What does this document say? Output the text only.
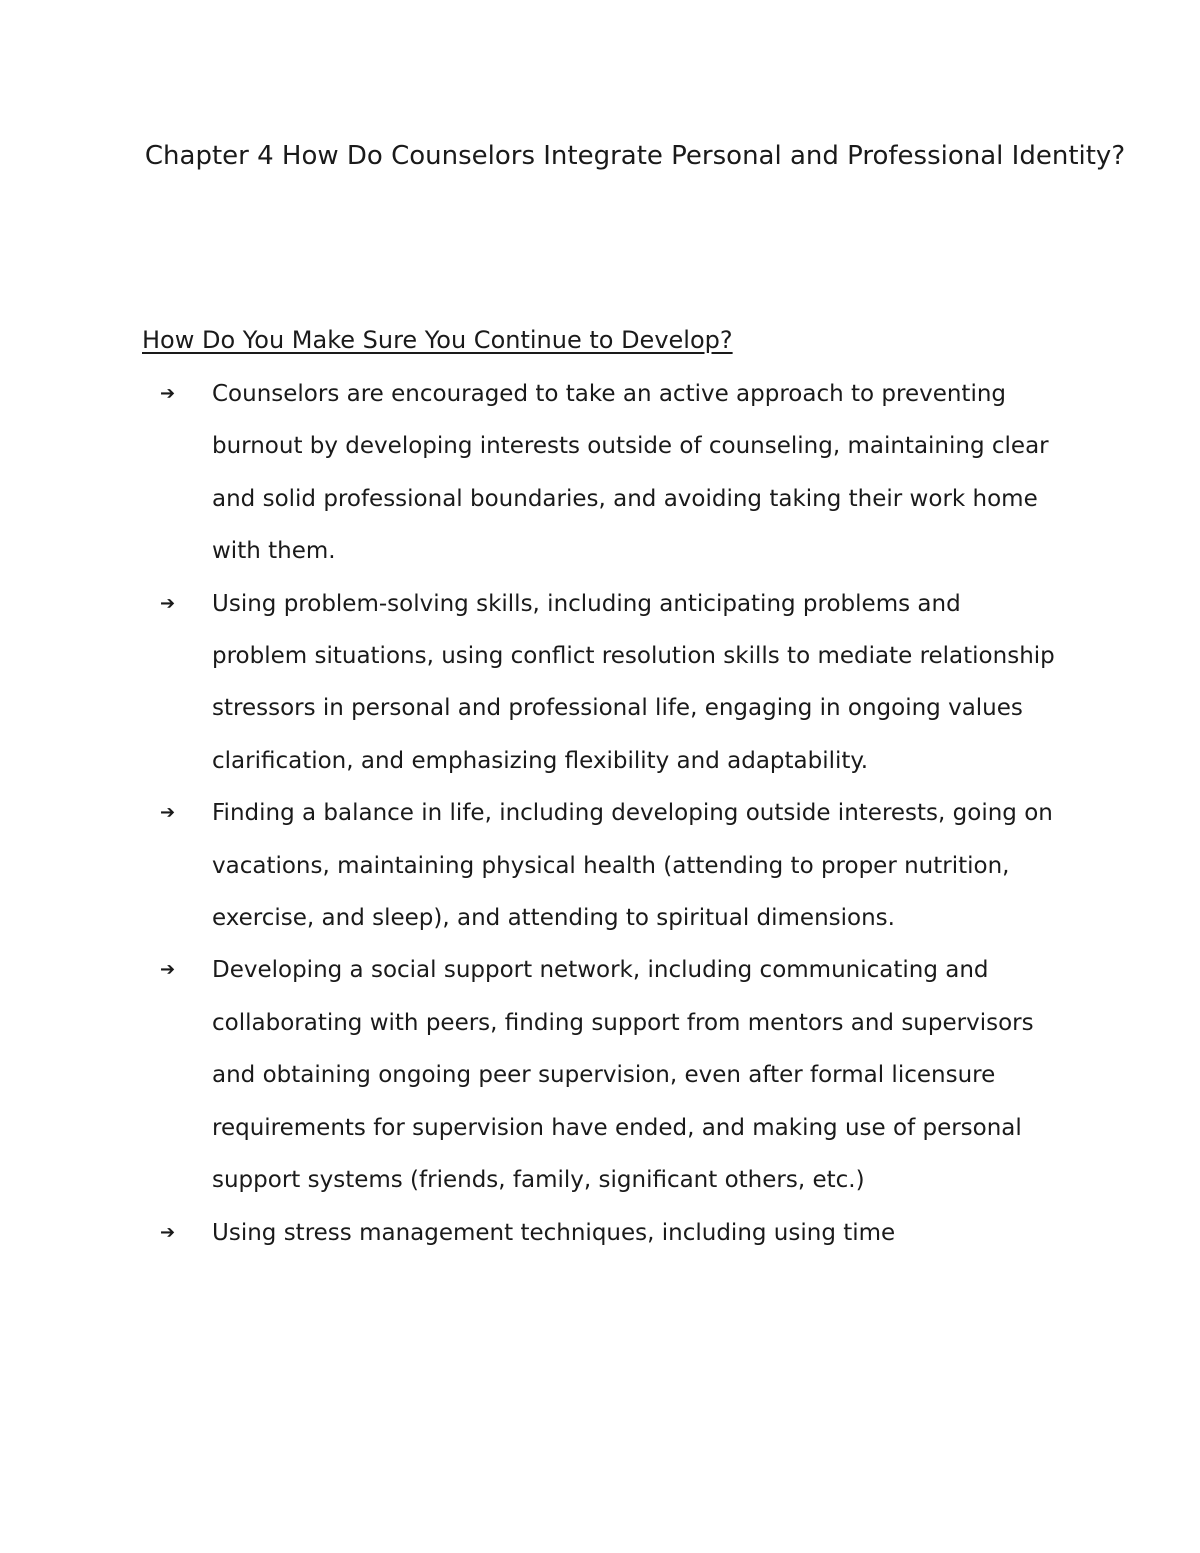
Chapter 4 How Do Counselors Integrate Personal and Professional Identity?
How Do You Make Sure You Continue to Develop?
➔	Counselors are encouraged to take an active approach to preventing burnout by developing interests outside of counseling, maintaining clear and solid professional boundaries, and avoiding taking their work home with them.
➔	Using problem-solving skills, including anticipating problems and problem situations, using conflict resolution skills to mediate relationship stressors in personal and professional life, engaging in ongoing values clarification, and emphasizing flexibility and adaptability.
➔	Finding a balance in life, including developing outside interests, going on vacations, maintaining physical health (attending to proper nutrition, exercise, and sleep), and attending to spiritual dimensions.
➔	Developing a social support network, including communicating and collaborating with peers, finding support from mentors and supervisors and obtaining ongoing peer supervision, even after formal licensure requirements for supervision have ended, and making use of personal support systems (friends, family, significant others, etc.)
➔	Using stress management techniques, including using time
